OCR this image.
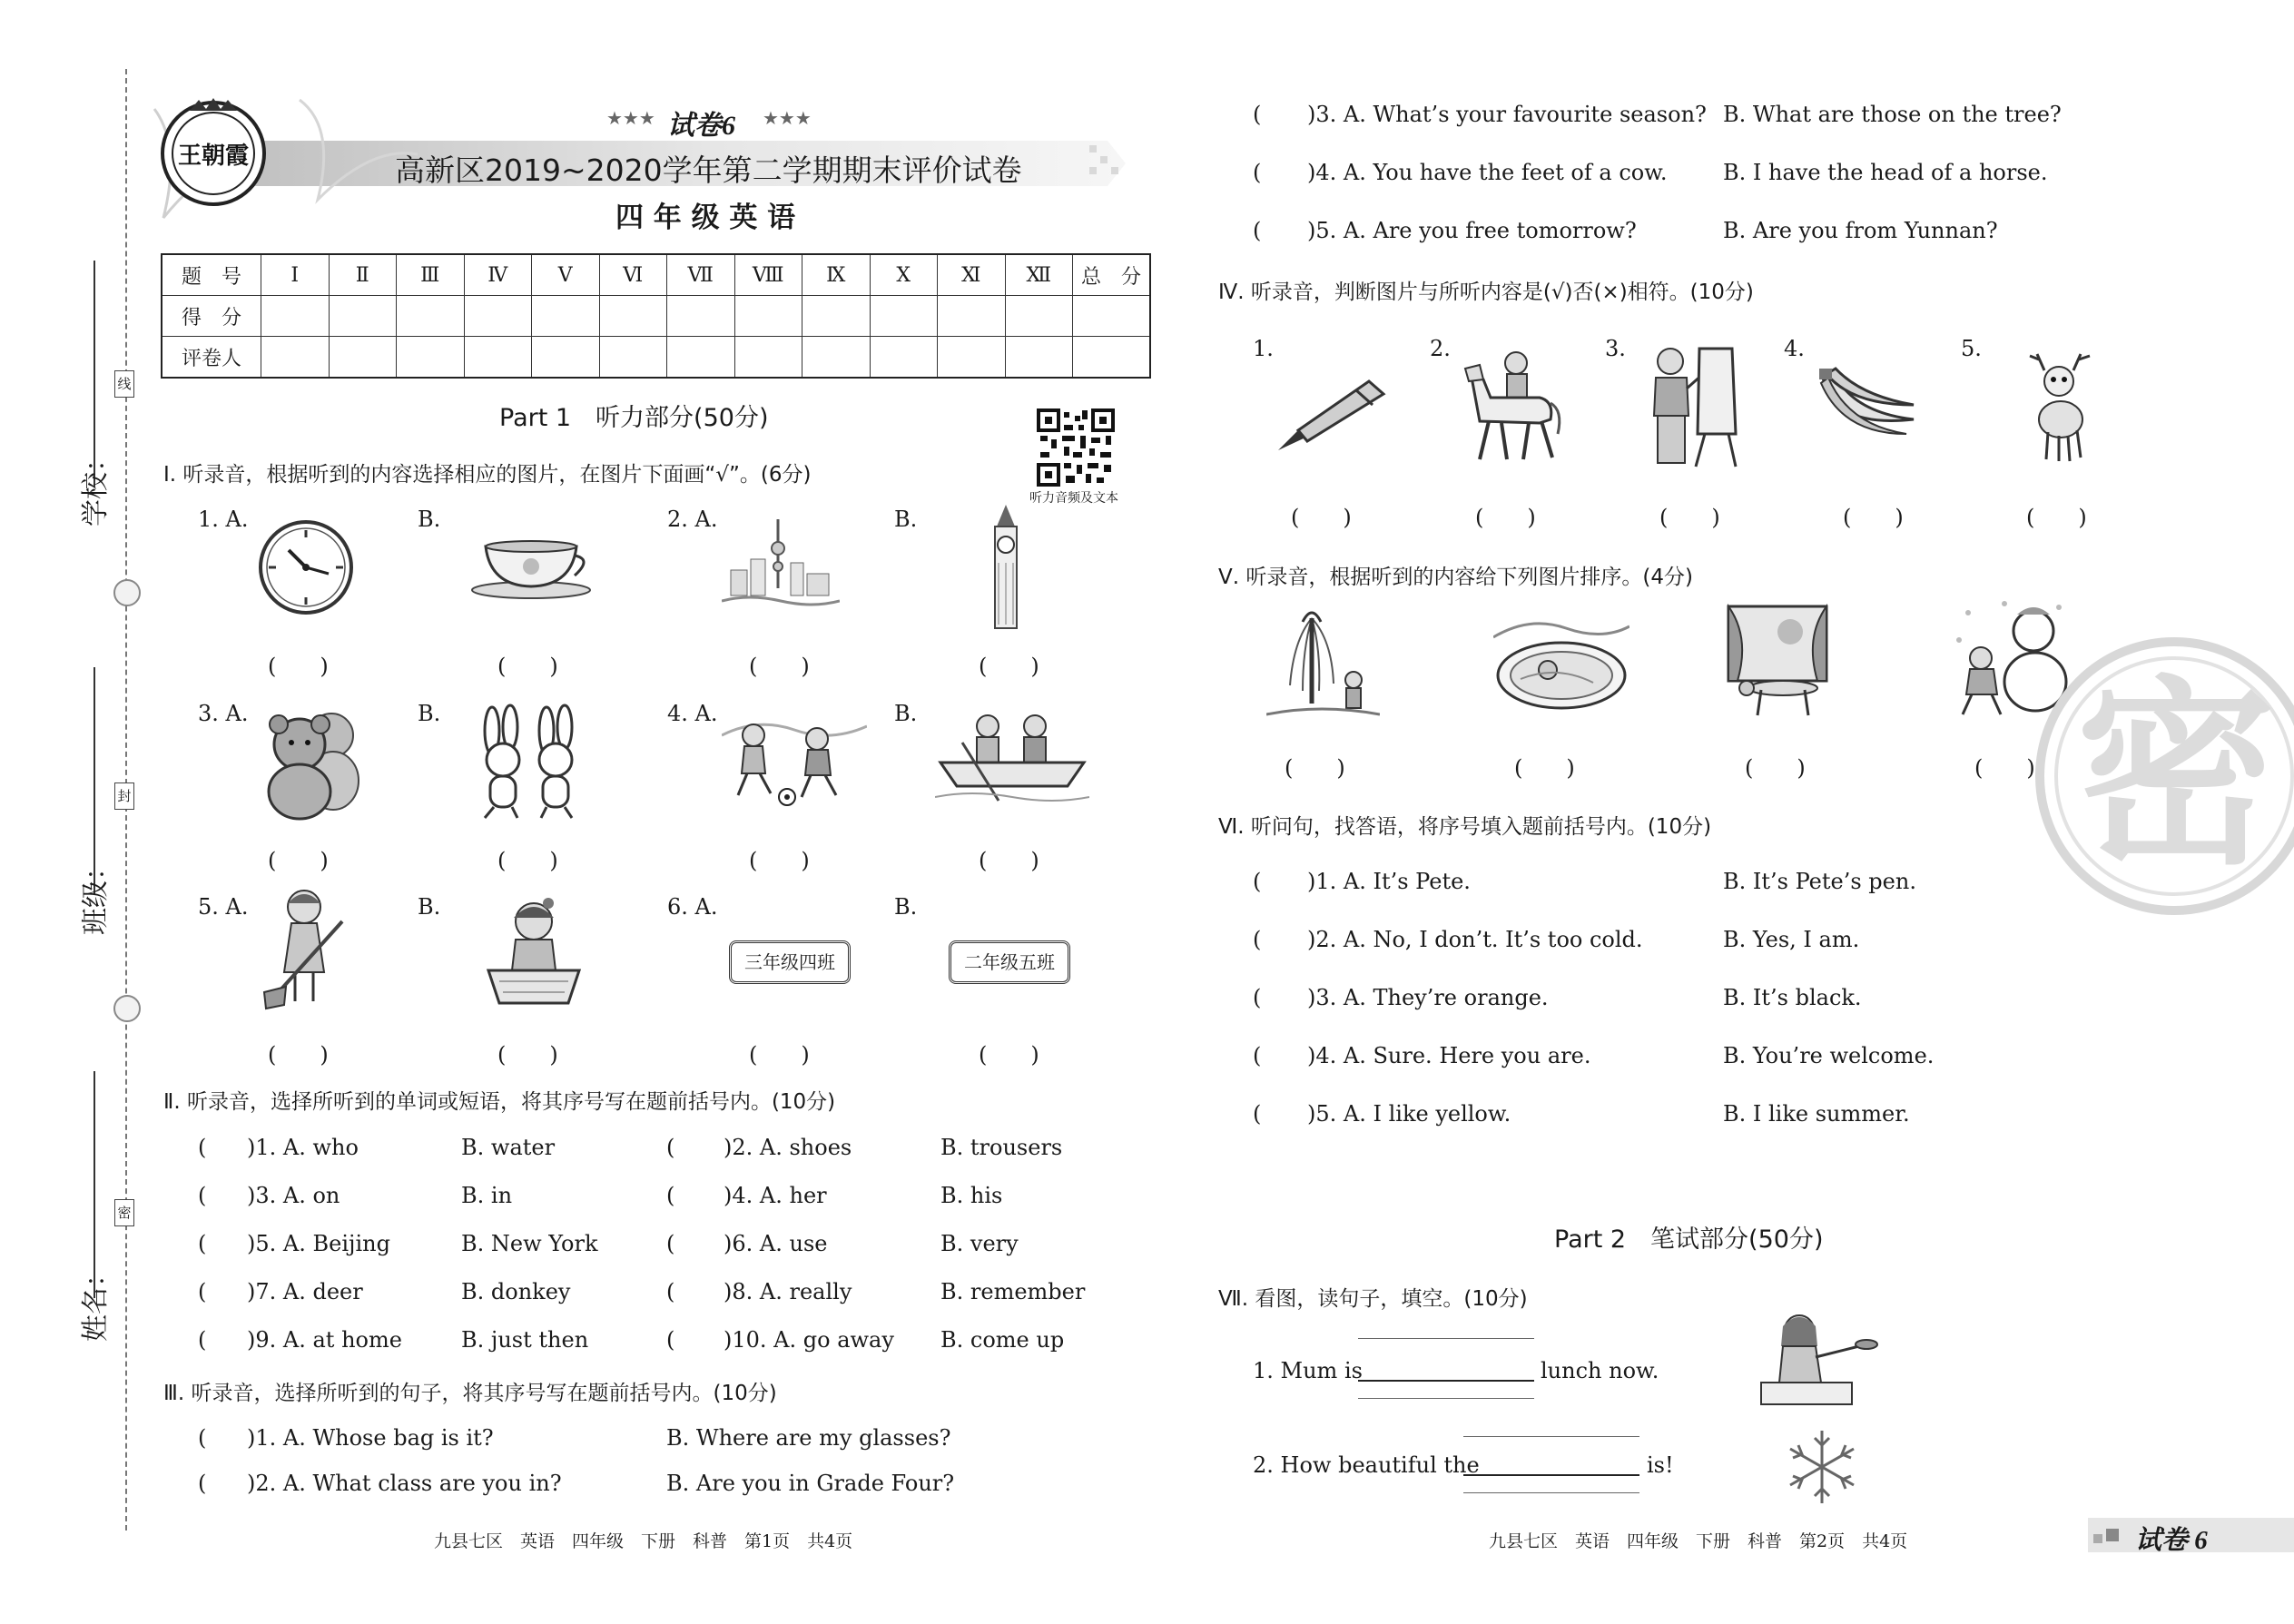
线
封
密
学校：
班级：
姓名：
王朝霞
★★★ 试卷6 ★★★
高新区2019~2020学年第二学期期末评价试卷
四 年 级 英 语
题　号	Ⅰ	Ⅱ	Ⅲ	Ⅳ	Ⅴ	Ⅵ	Ⅶ	Ⅷ	Ⅸ	Ⅹ	Ⅺ	Ⅻ	总　分
得　分													
评卷人													
Part 1　听力部分(50分)
听力音频及文本
Ⅰ. 听录音，根据听到的内容选择相应的图片，在图片下面画“√”。(6分)
1. A.	B.	2. A.	B.
(　　)	(　　)	(　　)	(　　)
3. A.	B.	4. A.	B.
(　　)	(　　)	(　　)	(　　)
5. A.	B.	6. A.	B.
三年级四班	二年级五班
(　　)	(　　)	(　　)	(　　)
Ⅱ. 听录音，选择所听到的单词或短语，将其序号写在题前括号内。(10分)
( )1. A. who	B. water	( )2. A. shoes	B. trousers
( )3. A. on	B. in	( )4. A. her	B. his
( )5. A. Beijing	B. New York	( )6. A. use	B. very
( )7. A. deer	B. donkey	( )8. A. really	B. remember
( )9. A. at home	B. just then	( )10. A. go away B. come up
Ⅲ. 听录音，选择所听到的句子，将其序号写在题前括号内。(10分)
( )1. A. Whose bag is it?	B. Where are my glasses?
( )2. A. What class are you in?	B. Are you in Grade Four?
九县七区　英语　四年级　下册　科普　第1页　共4页
( )3. A. What’s your favourite season? B. What are those on the tree?
( )4. A. You have the feet of a cow.	B. I have the head of a horse.
( )5. A. Are you free tomorrow?	B. Are you from Yunnan?
Ⅳ. 听录音，判断图片与所听内容是(√)否(×)相符。(10分)
1.	2.	3.	4.	5.
(　　)	(　　)	(　　)	(　　)	(　　)
Ⅴ. 听录音，根据听到的内容给下列图片排序。(4分)
(　　)	(　　)	(　　)	(　　)
Ⅵ. 听问句，找答语，将序号填入题前括号内。(10分)
( )1. A. It’s Pete.	B. It’s Pete’s pen.
( )2. A. No, I don’t. It’s too cold.	B. Yes, I am.
( )3. A. They’re orange.	B. It’s black.
( )4. A. Sure. Here you are.	B. You’re welcome.
( )5. A. I like yellow.	B. I like summer.
Part 2　笔试部分(50分)
Ⅶ. 看图，读句子，填空。(10分)
1. Mum is	lunch now.
2. How beautiful the	is!
密
九县七区　英语　四年级　下册　科普　第2页　共4页	试卷 6
